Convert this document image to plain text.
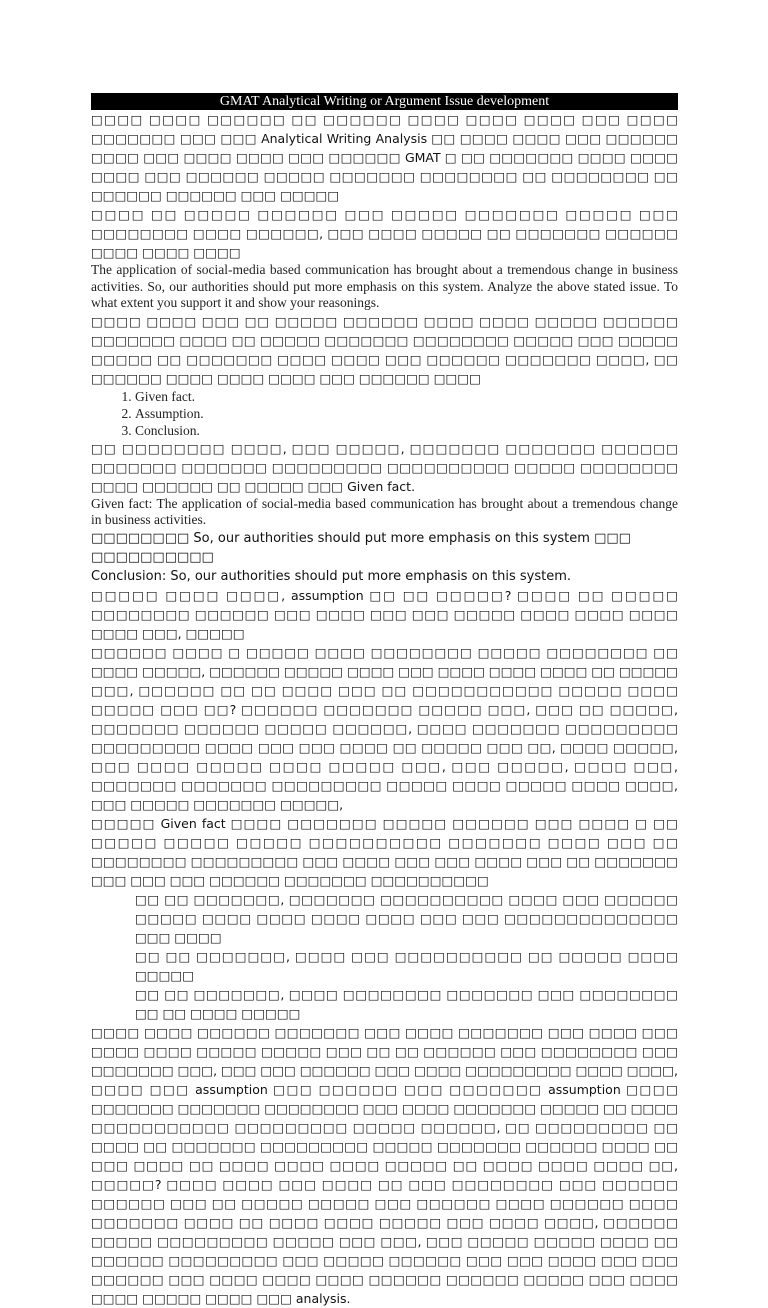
GMAT Analytical Writing or Argument Issue development

□□□□ □□□□ □□□□□□ □□ □□□□□□ □□□□ □□□□ □□□□ □□□ □□□□ □□□□□□□ □□□ □□□ Analytical Writing Analysis □□ □□□□ □□□□ □□□ □□□□□□ □□□□ □□□ □□□□ □□□□ □□□ □□□□□□ GMAT □ □□ □□□□□□□ □□□□ □□□□ □□□□ □□□ □□□□□□ □□□□□ □□□□□□□ □□□□□□□□ □□ □□□□□□□□ □□ □□□□□□ □□□□□□ □□□ □□□□□

□□□□ □□ □□□□□ □□□□□□ □□□ □□□□□ □□□□□□□ □□□□□ □□□ □□□□□□□□ □□□□ □□□□□□, □□□ □□□□ □□□□□ □□ □□□□□□□ □□□□□□ □□□□ □□□□ □□□□

The application of social-media based communication has brought about a tremendous change in business activities. So, our authorities should put more emphasis on this system. Analyze the above stated issue. To what extent you support it and show your reasonings.

□□□□ □□□□ □□□ □□ □□□□□ □□□□□□ □□□□ □□□□ □□□□□ □□□□□□ □□□□□□□ □□□□ □□ □□□□□ □□□□□□□ □□□□□□□□ □□□□□ □□□ □□□□□ □□□□□ □□ □□□□□□□ □□□□ □□□□ □□□ □□□□□□ □□□□□□□ □□□□, □□ □□□□□□ □□□□ □□□□ □□□□ □□□ □□□□□□ □□□□

1. Given fact.
2. Assumption.
3. Conclusion.

□□ □□□□□□□□ □□□□, □□□ □□□□□, □□□□□□□ □□□□□□□ □□□□□□ □□□□□□□ □□□□□□□ □□□□□□□□□ □□□□□□□□□□ □□□□□ □□□□□□□□ □□□□ □□□□□□ □□ □□□□□ □□□ Given fact.

Given fact: The application of social-media based communication has brought about a tremendous change in business activities.

□□□□□□□□ So, our authorities should put more emphasis on this system □□□ □□□□□□□□□□

Conclusion: So, our authorities should put more emphasis on this system.

□□□□□ □□□□ □□□□, assumption □□ □□ □□□□□? □□□□ □□ □□□□□ □□□□□□□□ □□□□□□ □□□ □□□□ □□□ □□□ □□□□□ □□□□ □□□□ □□□□ □□□□ □□□, □□□□□

□□□□□□ □□□□ □ □□□□□ □□□□ □□□□□□□□ □□□□□ □□□□□□□□ □□ □□□□ □□□□□, □□□□□□ □□□□□ □□□□ □□□ □□□□ □□□□ □□□□ □□ □□□□□ □□□, □□□□□□ □□ □□ □□□□ □□□ □□ □□□□□□□□□□□ □□□□□ □□□□ □□□□□ □□□ □□? □□□□□□ □□□□□□□ □□□□□ □□□, □□□ □□ □□□□□, □□□□□□□ □□□□□□ □□□□□ □□□□□□, □□□□ □□□□□□□ □□□□□□□□□ □□□□□□□□□ □□□□ □□□ □□□ □□□□ □□ □□□□□ □□□ □□, □□□□ □□□□□, □□□ □□□□ □□□□□ □□□□ □□□□□ □□□, □□□ □□□□□, □□□□ □□□, □□□□□□□ □□□□□□□ □□□□□□□□□ □□□□□ □□□□ □□□□□ □□□□ □□□□, □□□ □□□□□ □□□□□□□ □□□□□,

□□□□□ Given fact □□□□ □□□□□□□ □□□□□ □□□□□□ □□□ □□□□ □ □□ □□□□□ □□□□□ □□□□□ □□□□□□□□□□ □□□□□□□ □□□□ □□□ □□ □□□□□□□□ □□□□□□□□□ □□□ □□□□ □□□ □□□ □□□□ □□□ □□ □□□□□□□ □□□ □□□ □□□ □□□□□□ □□□□□□□ □□□□□□□□□□

□□ □□ □□□□□□□, □□□□□□□ □□□□□□□□□□ □□□□ □□□ □□□□□□ □□□□□ □□□□ □□□□ □□□□ □□□□ □□□ □□□ □□□□□□□□□□□□□□ □□□ □□□□

□□ □□ □□□□□□□, □□□□ □□□ □□□□□□□□□□ □□ □□□□□ □□□□ □□□□□

□□ □□ □□□□□□□, □□□□ □□□□□□□□ □□□□□□□ □□□ □□□□□□□□ □□ □□ □□□□ □□□□□

□□□□ □□□□ □□□□□□ □□□□□□□ □□□ □□□□ □□□□□□□ □□□ □□□□ □□□ □□□□ □□□□ □□□□□ □□□□□ □□□ □□ □□ □□□□□□ □□□ □□□□□□□□ □□□ □□□□□□□ □□□, □□□ □□□ □□□□□□ □□□ □□□□ □□□□□□□□□ □□□□ □□□□, □□□□ □□□ assumption □□□ □□□□□□ □□□ □□□□□□□ assumption □□□□ □□□□□□□ □□□□□□□ □□□□□□□□ □□□ □□□□ □□□□□□□ □□□□□ □□ □□□□ □□□□□□□□□□□ □□□□□□□□□ □□□□□ □□□□□□, □□ □□□□□□□□□ □□ □□□□ □□ □□□□□□□ □□□□□□□□□ □□□□□ □□□□□□□ □□□□□□ □□□□ □□ □□□ □□□□ □□ □□□□ □□□□ □□□□ □□□□□ □□ □□□□ □□□□ □□□□ □□, □□□□□? □□□□ □□□□ □□□ □□□□ □□ □□□ □□□□□□□□ □□□ □□□□□□ □□□□□□ □□□ □□ □□□□□ □□□□□ □□□ □□□□□□ □□□□ □□□□□□ □□□□ □□□□□□□ □□□□ □□ □□□□ □□□□ □□□□□ □□□ □□□□ □□□□, □□□□□□ □□□□□ □□□□□□□□□ □□□□□ □□□ □□□, □□□ □□□□□ □□□□□ □□□□ □□ □□□□□□ □□□□□□□□□ □□□ □□□□□ □□□□□□ □□□ □□□ □□□□ □□□ □□□ □□□□□□ □□□ □□□□ □□□□ □□□□ □□□□□□ □□□□□□ □□□□□ □□□ □□□□ □□□□ □□□□□ □□□□ □□□ analysis.
